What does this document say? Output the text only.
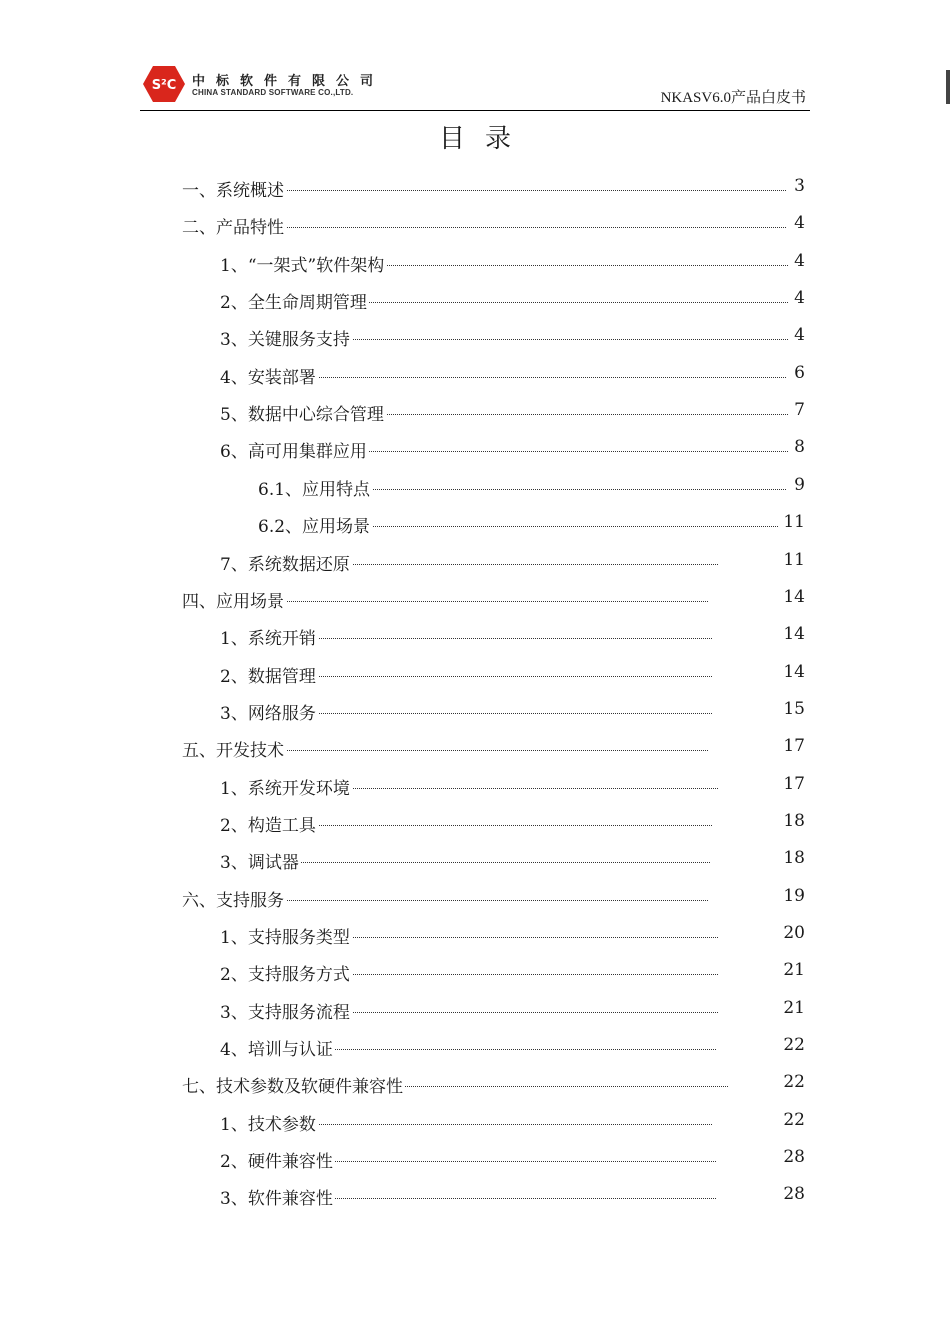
S²C 中标软件有限公司
CHINA STANDARD SOFTWARE CO.,LTD.	NKASV6.0产品白皮书
目录
一、系统概述	3
二、产品特性	4
1、“一架式”软件架构	4
2、全生命周期管理	4
3、关键服务支持	4
4、安装部署	6
5、数据中心综合管理	7
6、高可用集群应用	8
6.1、应用特点	9
6.2、应用场景	11
7、系统数据还原	11
四、应用场景	14
1、系统开销	14
2、数据管理	14
3、网络服务	15
五、开发技术	17
1、系统开发环境	17
2、构造工具	18
3、调试器	18
六、支持服务	19
1、支持服务类型	20
2、支持服务方式	21
3、支持服务流程	21
4、培训与认证	22
七、技术参数及软硬件兼容性	22
1、技术参数	22
2、硬件兼容性	28
3、软件兼容性	28
